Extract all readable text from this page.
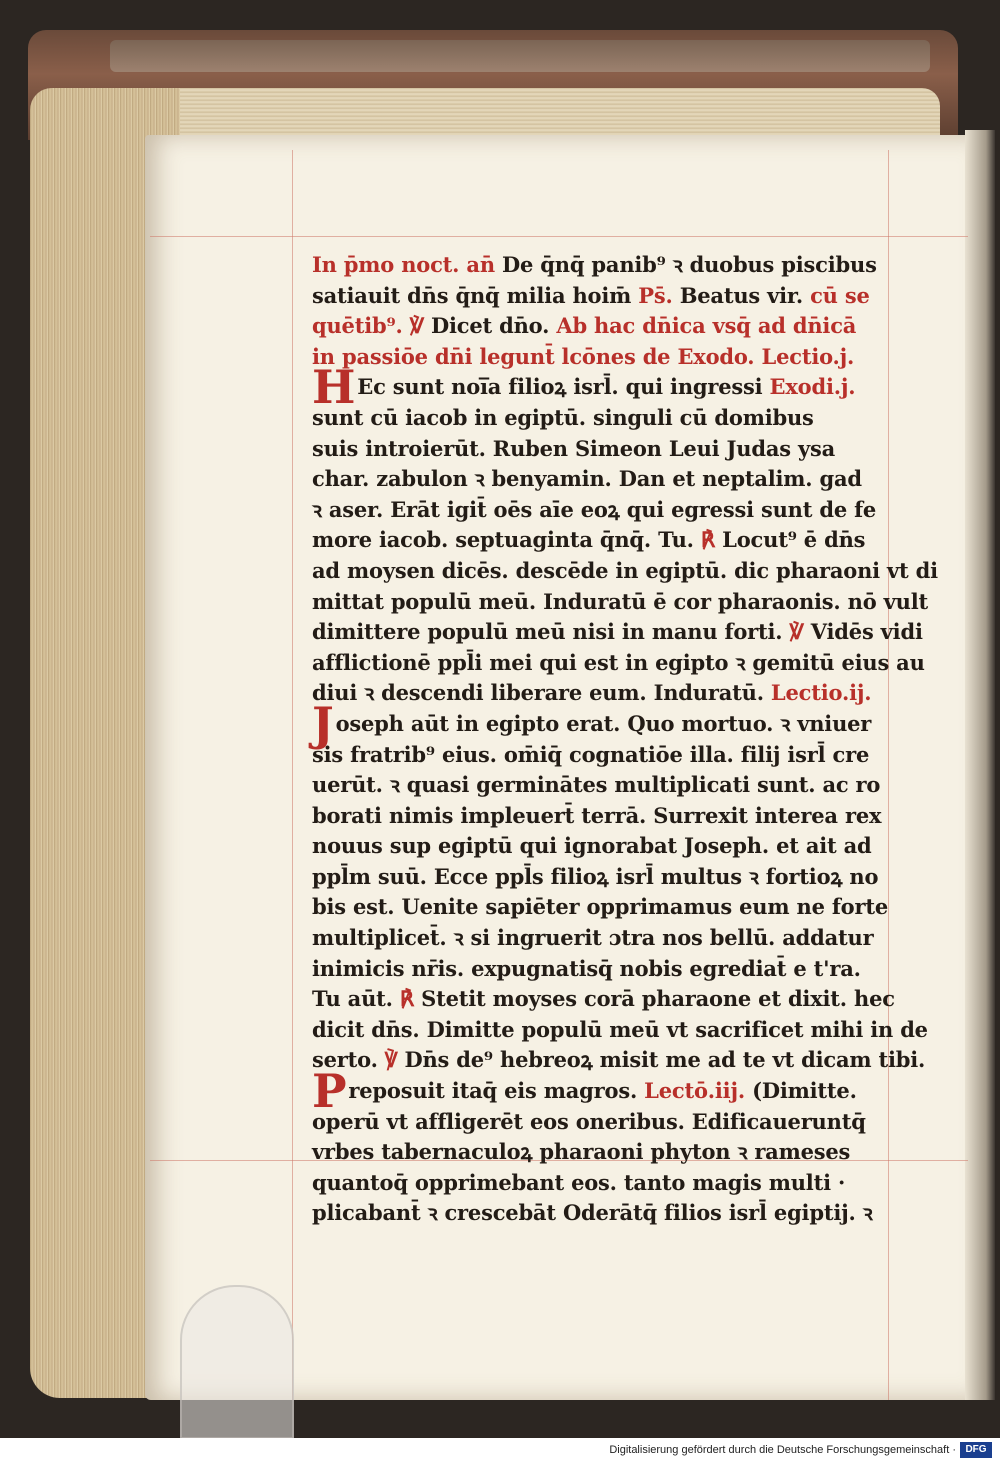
In p̄mo noct. an̄ De q̄nq̄ panib⁹ ꝛ duobus piscibus
satiauit dn̄s q̄nq̄ milia hoim̄ Ps̄. Beatus vir. cū se
quētib⁹. ℣ Dicet dn̄o. Ab hac dn̄ica vsq̄ ad dn̄icā
in passiōe dn̄i legunt̄ lcōnes de Exodo. Lectio.j.
HEc sunt noi̅a filioꝝ isrl̄. qui ingressi Exodi.j.
sunt cū iacob in egiptū. singuli cū domibus
suis introierūt. Ruben Simeon Leui Judas ysa
char. zabulon ꝛ benyamin. Dan et neptalim. gad
ꝛ aser. Erāt igit̄ oēs aīe eoꝝ qui egressi sunt de fe
more iacob. septuaginta q̄nq̄. Tu. ℟ Locut⁹ ē dn̄s
ad moysen dicēs. descēde in egiptū. dic pharaoni vt di
mittat populū meū. Induratū ē cor pharaonis. nō vult
dimittere populū meū nisi in manu forti. ℣ Vidēs vidi
afflictionē ppl̄i mei qui est in egipto ꝛ gemitū eius au
diui ꝛ descendi liberare eum. Induratū. Lectio.ij.
Joseph aūt in egipto erat. Quo mortuo. ꝛ vniuer
sis fratrib⁹ eius. om̄iq̄ cognatiōe illa. filij isrl̄ cre
uerūt. ꝛ quasi germinātes multiplicati sunt. ac ro
borati nimis impleuert̄ terrā. Surrexit interea rex
nouus sup egiptū qui ignorabat Joseph. et ait ad
ppl̄m suū. Ecce ppl̄s filioꝝ isrl̄ multus ꝛ fortioꝝ no
bis est. Uenite sapiēter opprimamus eum ne forte
multiplicet̄. ꝛ si ingruerit ɔtra nos bellū. addatur
inimicis nr̄is. expugnatisq̄ nobis egrediat̄ e t'ra.
Tu aūt. ℟ Stetit moyses corā pharaone et dixit. hec
dicit dn̄s. Dimitte populū meū vt sacrificet mihi in de
serto. ℣ Dn̄s de⁹ hebreoꝝ misit me ad te vt dicam tibi.
Preposuit itaq̄ eis magros. Lectō.iij. (Dimitte.
operū vt affligerēt eos oneribus. Edificaueruntq̄
vrbes tabernaculoꝝ pharaoni phyton ꝛ rameses
quantoq̄ opprimebant eos. tanto magis multi ·
plicabant̄ ꝛ crescebāt Oderātq̄ filios isrl̄ egiptij. ꝛ
Digitalisierung gefördert durch die Deutsche Forschungsgemeinschaft · DFG
